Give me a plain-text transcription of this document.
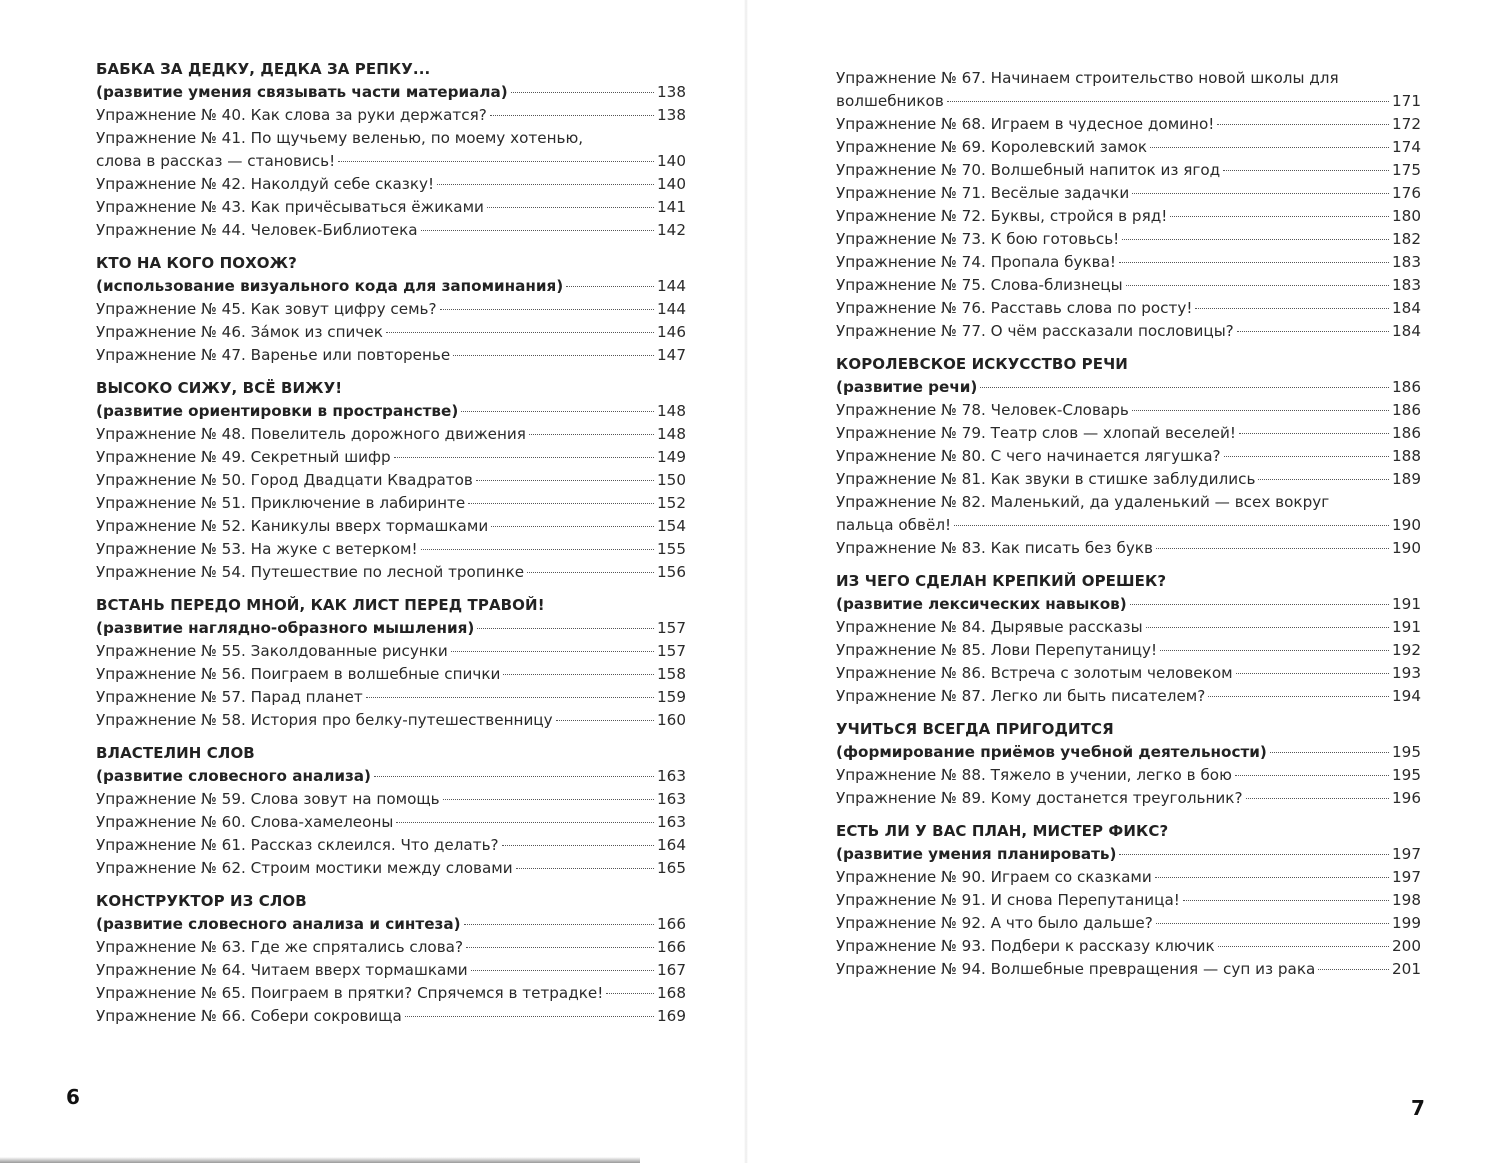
БАБКА ЗА ДЕДКУ, ДЕДКА ЗА РЕПКУ...
(развитие умения связывать части материала)	138
Упражнение № 40. Как слова за руки держатся?	138
Упражнение № 41. По щучьему веленью, по моему хотенью,
слова в рассказ — становись!	140
Упражнение № 42. Наколдуй себе сказку!	140
Упражнение № 43. Как причёсываться ёжиками	141
Упражнение № 44. Человек-Библиотека	142
КТО НА КОГО ПОХОЖ?
(использование визуального кода для запоминания)	144
Упражнение № 45. Как зовут цифру семь?	144
Упражнение № 46. Зáмок из спичек	146
Упражнение № 47. Варенье или повторенье	147
ВЫСОКО СИЖУ, ВСЁ ВИЖУ!
(развитие ориентировки в пространстве)	148
Упражнение № 48. Повелитель дорожного движения	148
Упражнение № 49. Секретный шифр	149
Упражнение № 50. Город Двадцати Квадратов	150
Упражнение № 51. Приключение в лабиринте	152
Упражнение № 52. Каникулы вверх тормашками	154
Упражнение № 53. На жуке с ветерком!	155
Упражнение № 54. Путешествие по лесной тропинке	156
ВСТАНЬ ПЕРЕДО МНОЙ, КАК ЛИСТ ПЕРЕД ТРАВОЙ!
(развитие наглядно-образного мышления)	157
Упражнение № 55. Заколдованные рисунки	157
Упражнение № 56. Поиграем в волшебные спички	158
Упражнение № 57. Парад планет	159
Упражнение № 58. История про белку-путешественницу	160
ВЛАСТЕЛИН СЛОВ
(развитие словесного анализа)	163
Упражнение № 59. Слова зовут на помощь	163
Упражнение № 60. Слова-хамелеоны	163
Упражнение № 61. Рассказ склеился. Что делать?	164
Упражнение № 62. Строим мостики между словами	165
КОНСТРУКТОР ИЗ СЛОВ
(развитие словесного анализа и синтеза)	166
Упражнение № 63. Где же спрятались слова?	166
Упражнение № 64. Читаем вверх тормашками	167
Упражнение № 65. Поиграем в прятки? Спрячемся в тетрадке!	168
Упражнение № 66. Собери сокровища	169
6
Упражнение № 67. Начинаем строительство новой школы для
волшебников	171
Упражнение № 68. Играем в чудесное домино!	172
Упражнение № 69. Королевский замок	174
Упражнение № 70. Волшебный напиток из ягод	175
Упражнение № 71. Весёлые задачки	176
Упражнение № 72. Буквы, стройся в ряд!	180
Упражнение № 73. К бою готовьсь!	182
Упражнение № 74. Пропала буква!	183
Упражнение № 75. Слова-близнецы	183
Упражнение № 76. Расставь слова по росту!	184
Упражнение № 77. О чём рассказали пословицы?	184
КОРОЛЕВСКОЕ ИСКУССТВО РЕЧИ
(развитие речи)	186
Упражнение № 78. Человек-Словарь	186
Упражнение № 79. Театр слов — хлопай веселей!	186
Упражнение № 80. С чего начинается лягушка?	188
Упражнение № 81. Как звуки в стишке заблудились	189
Упражнение № 82. Маленький, да удаленький — всех вокруг
пальца обвёл!	190
Упражнение № 83. Как писать без букв	190
ИЗ ЧЕГО СДЕЛАН КРЕПКИЙ ОРЕШЕК?
(развитие лексических навыков)	191
Упражнение № 84. Дырявые рассказы	191
Упражнение № 85. Лови Перепутаницу!	192
Упражнение № 86. Встреча с золотым человеком	193
Упражнение № 87. Легко ли быть писателем?	194
УЧИТЬСЯ ВСЕГДА ПРИГОДИТСЯ
(формирование приёмов учебной деятельности)	195
Упражнение № 88. Тяжело в учении, легко в бою	195
Упражнение № 89. Кому достанется треугольник?	196
ЕСТЬ ЛИ У ВАС ПЛАН, МИСТЕР ФИКС?
(развитие умения планировать)	197
Упражнение № 90. Играем со сказками	197
Упражнение № 91. И снова Перепутаница!	198
Упражнение № 92. А что было дальше?	199
Упражнение № 93. Подбери к рассказу ключик	200
Упражнение № 94. Волшебные превращения — суп из рака	201
7
